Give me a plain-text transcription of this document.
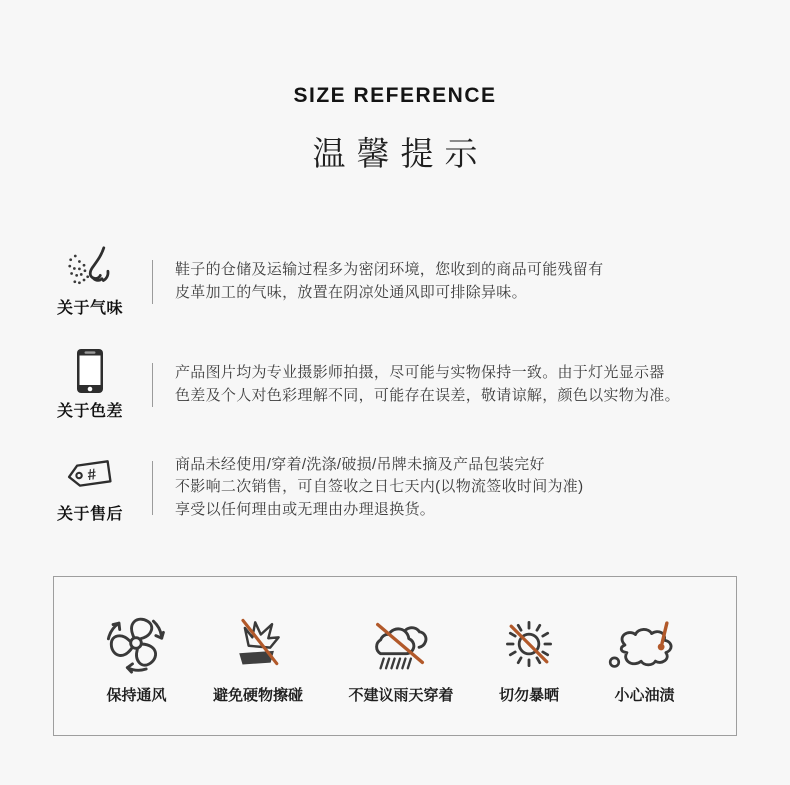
SIZE REFERENCE
温馨提示
关于气味
鞋子的仓储及运输过程多为密闭环境，您收到的商品可能残留有
皮革加工的气味，放置在阴凉处通风即可排除异味。
关于色差
产品图片均为专业摄影师拍摄，尽可能与实物保持一致。由于灯光显示器
色差及个人对色彩理解不同，可能存在误差，敬请谅解，颜色以实物为准。
#
关于售后
商品未经使用/穿着/洗涤/破损/吊牌未摘及产品包装完好
不影响二次销售，可自签收之日七天内(以物流签收时间为准)
享受以任何理由或无理由办理退换货。
保持通风	避免硬物擦碰	不建议雨天穿着	切勿暴晒	小心油渍
